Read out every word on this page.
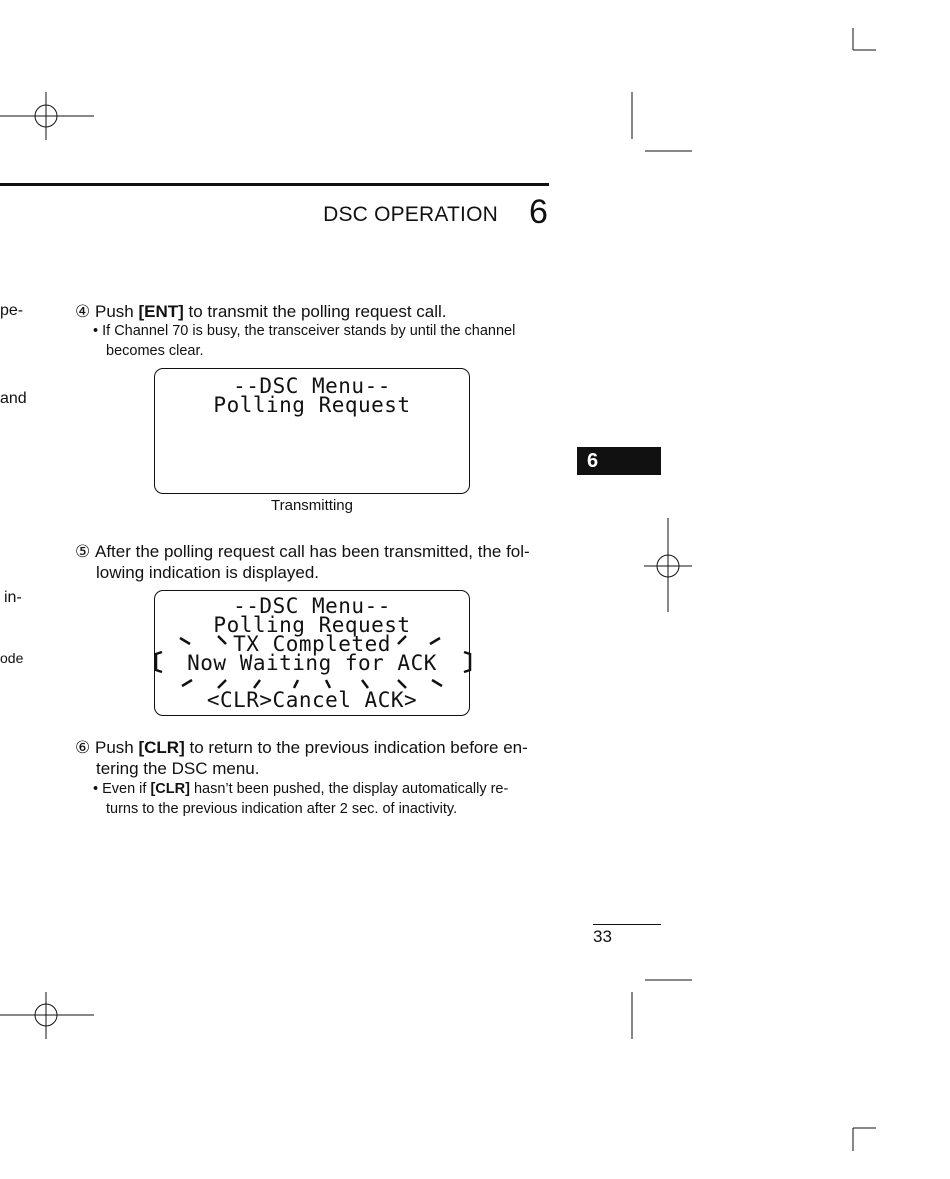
DSC OPERATION 6
pe-
and
in-
ode
④ Push [ENT] to transmit the polling request call.
• If Channel 70 is busy, the transceiver stands by until the channel
becomes clear.
--DSC Menu--
Polling Request
Transmitting
⑤ After the polling request call has been transmitted, the fol-
lowing indication is displayed.
--DSC Menu--
Polling Request
TX Completed
Now Waiting for ACK
<CLR>Cancel ACK>
⑥ Push [CLR] to return to the previous indication before en-
tering the DSC menu.
• Even if [CLR] hasn’t been pushed, the display automatically re-
turns to the previous indication after 2 sec. of inactivity.
6
33
